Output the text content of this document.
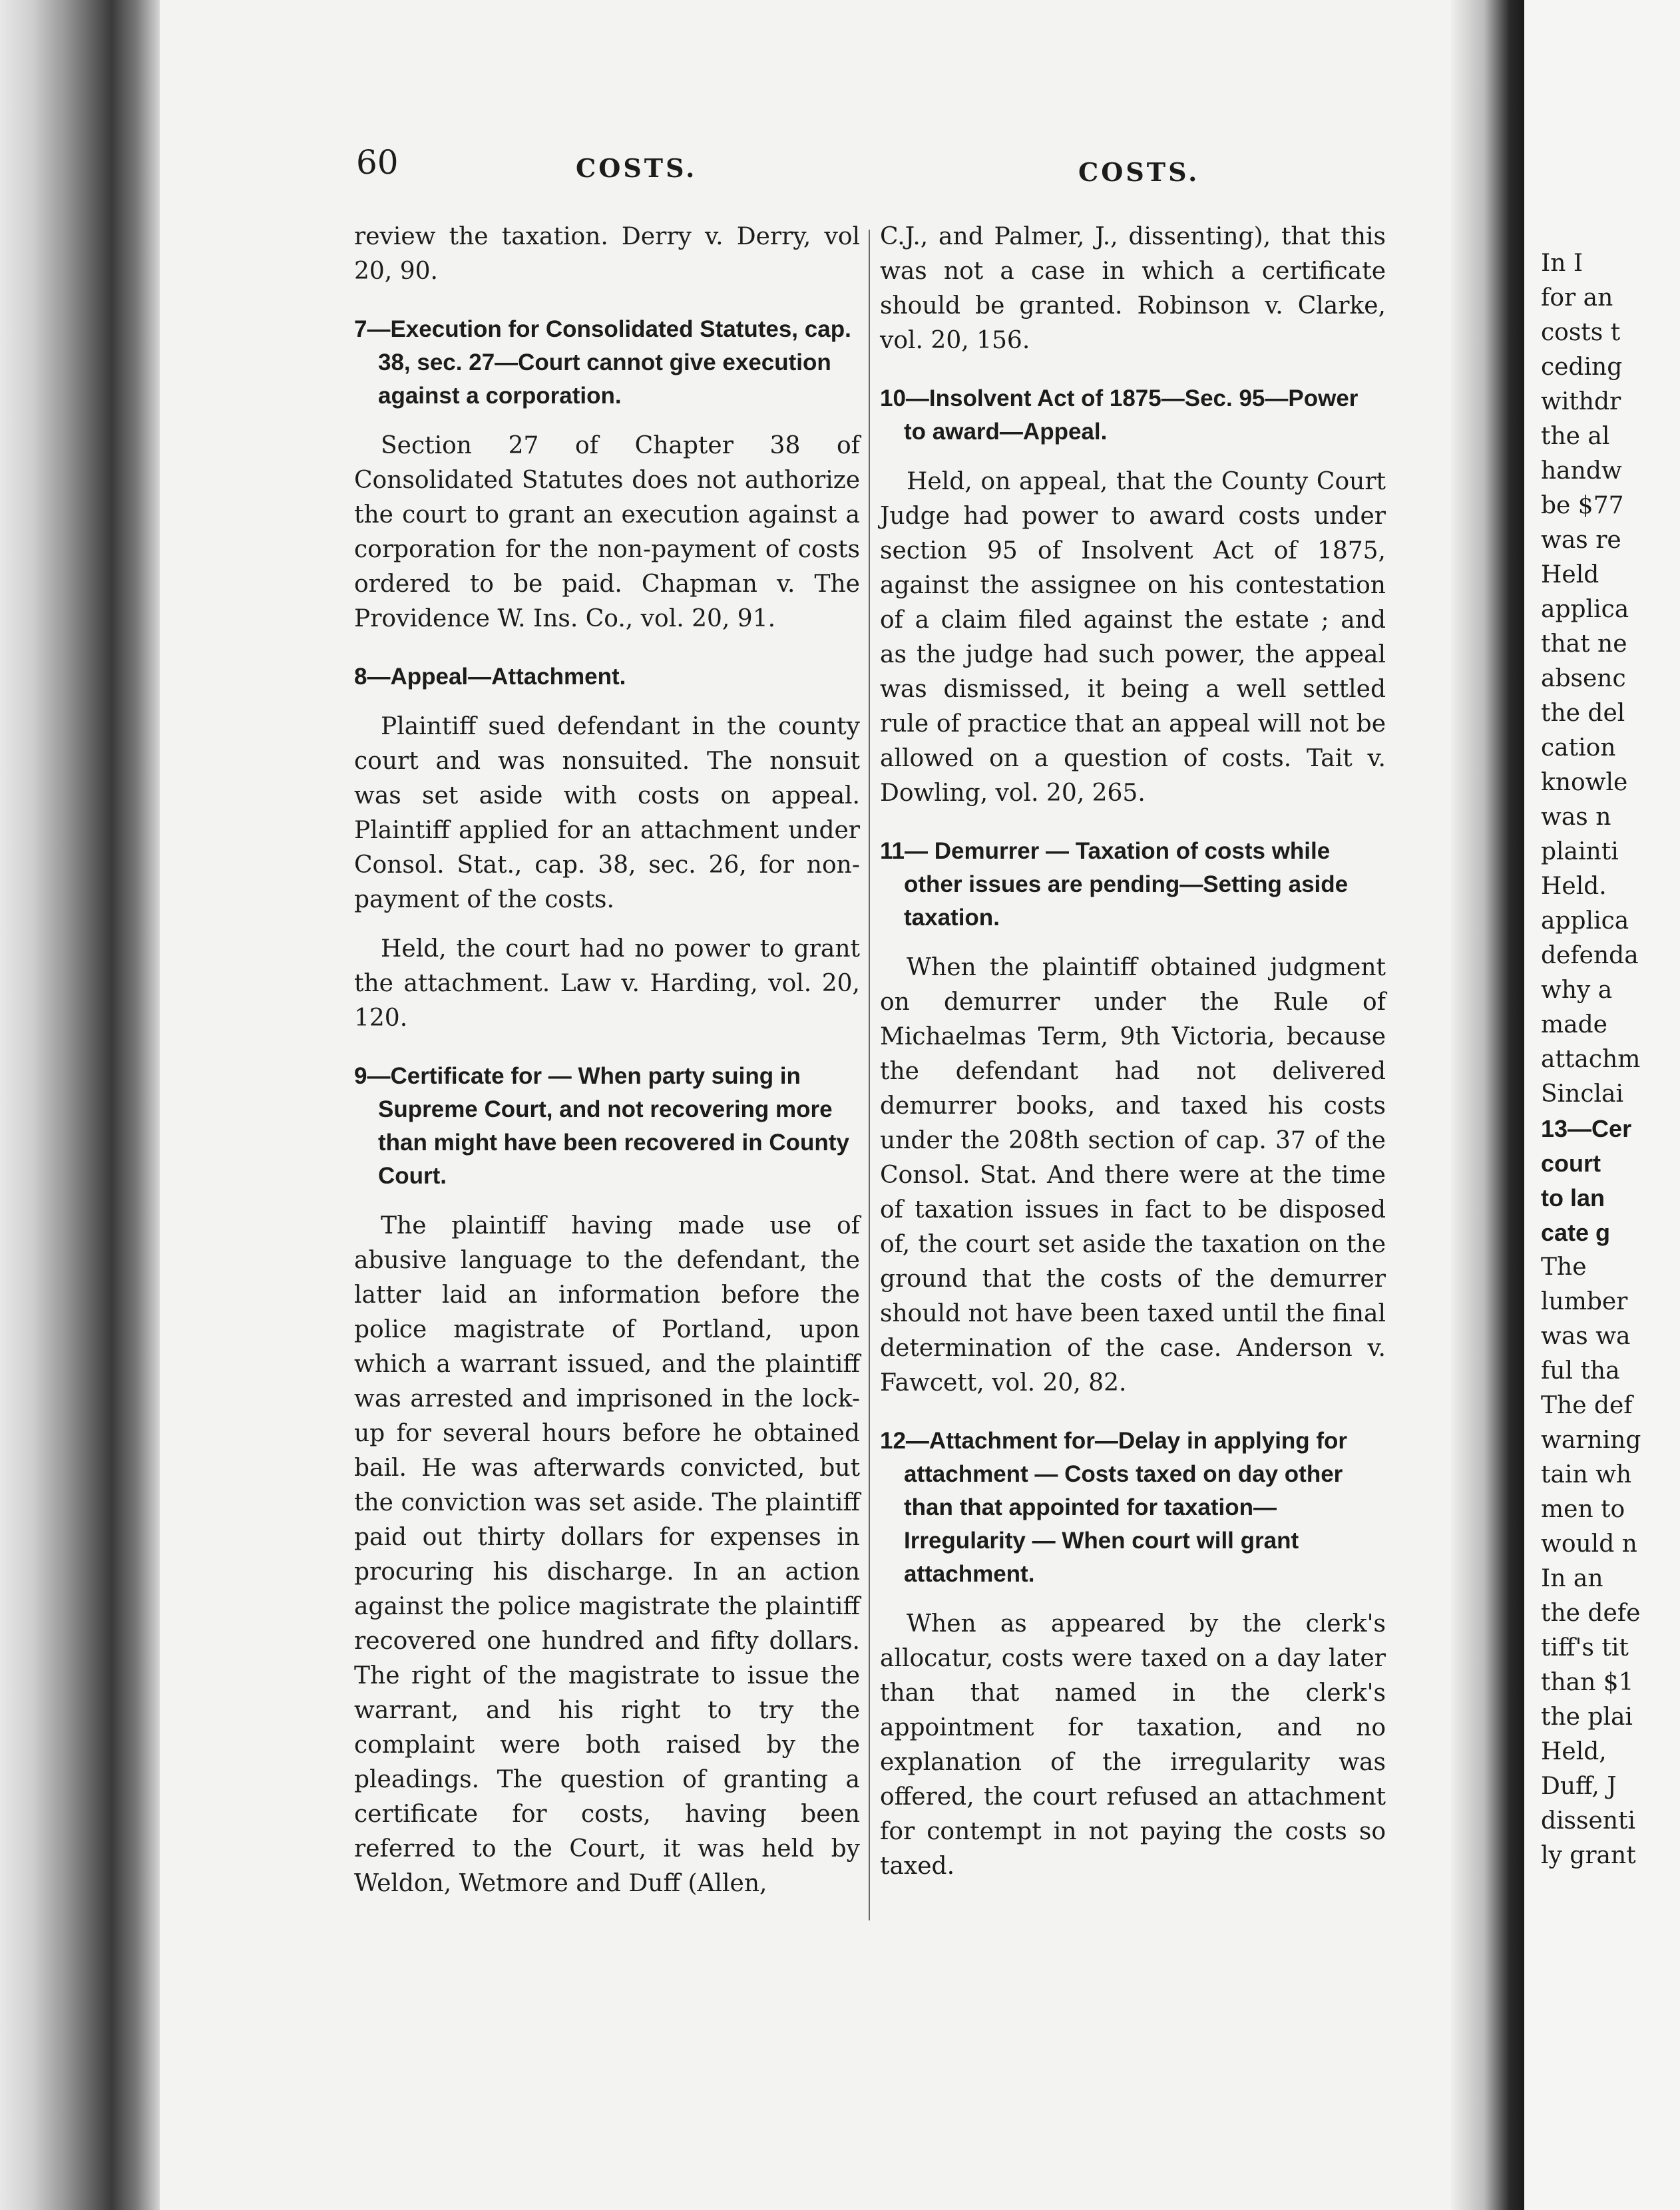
60	COSTS.	COSTS.

review the taxation. Derry v. Derry, vol 20, 90.

7—Execution for Consolidated Statutes, cap. 38, sec. 27—Court cannot give execution against a corporation.

Section 27 of Chapter 38 of Consolidated Statutes does not authorize the court to grant an execution against a corporation for the non-payment of costs ordered to be paid. Chapman v. The Providence W. Ins. Co., vol. 20, 91.

8—Appeal—Attachment.

Plaintiff sued defendant in the county court and was nonsuited. The nonsuit was set aside with costs on appeal. Plaintiff applied for an attachment under Consol. Stat., cap. 38, sec. 26, for non-payment of the costs.

Held, the court had no power to grant the attachment. Law v. Harding, vol. 20, 120.

9—Certificate for — When party suing in Supreme Court, and not recovering more than might have been recovered in County Court.

The plaintiff having made use of abusive language to the defendant, the latter laid an information before the police magistrate of Portland, upon which a warrant issued, and the plaintiff was arrested and imprisoned in the lock-up for several hours before he obtained bail. He was afterwards convicted, but the conviction was set aside. The plaintiff paid out thirty dollars for expenses in procuring his discharge. In an action against the police magistrate the plaintiff recovered one hundred and fifty dollars. The right of the magistrate to issue the warrant, and his right to try the complaint were both raised by the pleadings. The question of granting a certificate for costs, having been referred to the Court, it was held by Weldon, Wetmore and Duff (Allen,

C.J., and Palmer, J., dissenting), that this was not a case in which a certificate should be granted. Robinson v. Clarke, vol. 20, 156.

10—Insolvent Act of 1875—Sec. 95—Power to award—Appeal.

Held, on appeal, that the County Court Judge had power to award costs under section 95 of Insolvent Act of 1875, against the assignee on his contestation of a claim filed against the estate ; and as the judge had such power, the appeal was dismissed, it being a well settled rule of practice that an appeal will not be allowed on a question of costs. Tait v. Dowling, vol. 20, 265.

11— Demurrer — Taxation of costs while other issues are pending—Setting aside taxation.

When the plaintiff obtained judgment on demurrer under the Rule of Michaelmas Term, 9th Victoria, because the defendant had not delivered demurrer books, and taxed his costs under the 208th section of cap. 37 of the Consol. Stat. And there were at the time of taxation issues in fact to be disposed of, the court set aside the taxation on the ground that the costs of the demurrer should not have been taxed until the final determination of the case. Anderson v. Fawcett, vol. 20, 82.

12—Attachment for—Delay in applying for attachment — Costs taxed on day other than that appointed for taxation—Irregularity — When court will grant attachment.

When as appeared by the clerk's allocatur, costs were taxed on a day later than that named in the clerk's appointment for taxation, and no explanation of the irregularity was offered, the court refused an attachment for contempt in not paying the costs so taxed.

In I
for an
costs t
ceding
withdr
the al
handw
be $77
was re
Held
applica
that ne
absenc
the del
cation
knowle
was n
plainti
Held.
applica
defenda
why a
made
attachm
Sinclai
13—Cer
court
to lan
cate g
The
lumber
was wa
ful tha
The def
warning
tain wh
men to
would n
In an
the defe
tiff's tit
than $1
the plai
Held,
Duff, J
dissenti
ly grant
